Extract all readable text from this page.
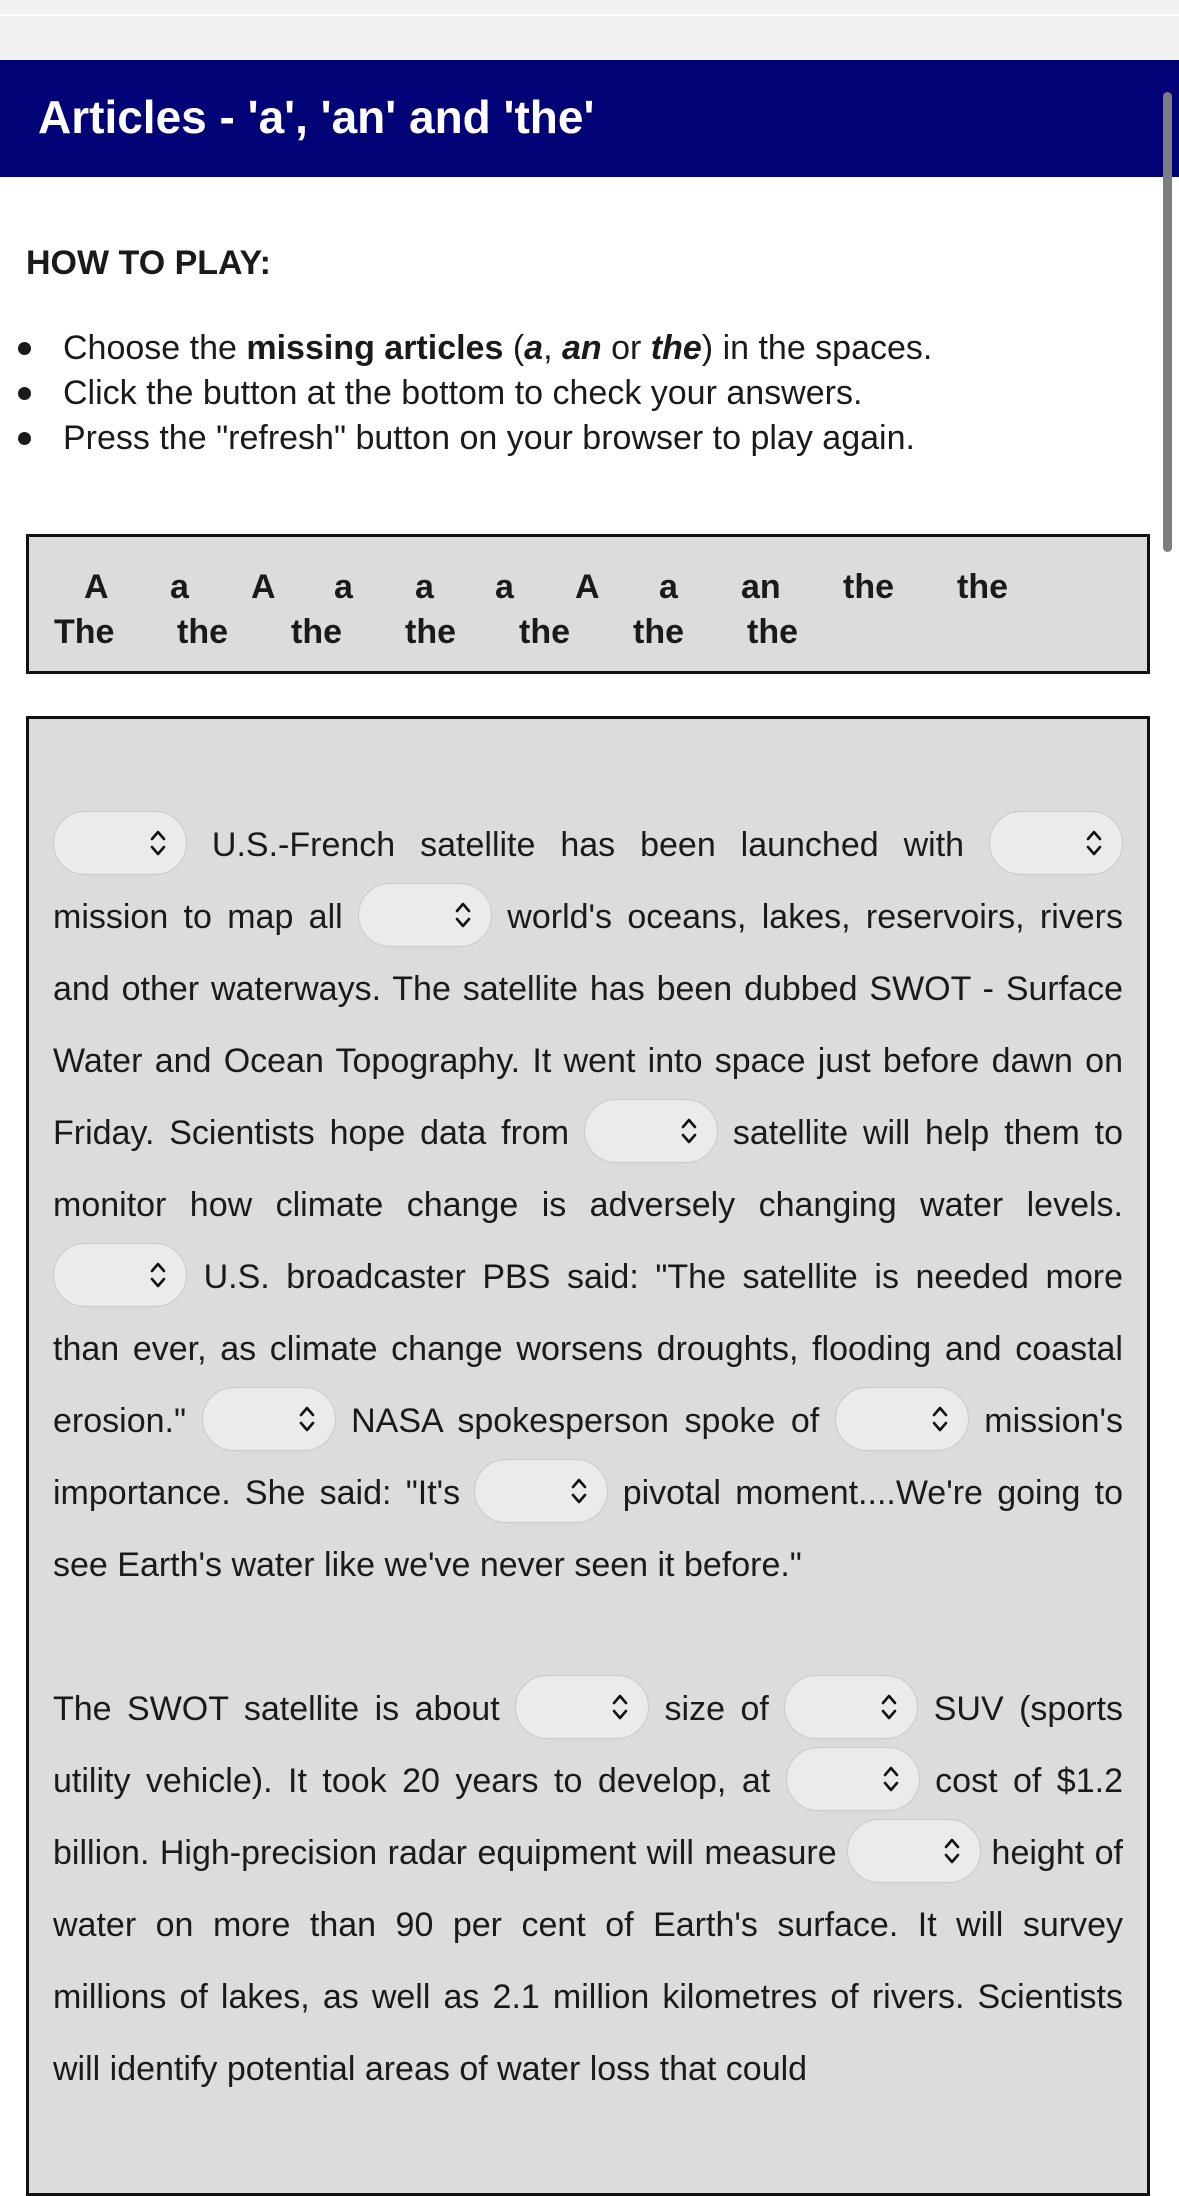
Articles - 'a', 'an' and 'the'
HOW TO PLAY:
Choose the missing articles (a, an or the) in the spaces.
Click the button at the bottom to check your answers.
Press the "refresh" button on your browser to play again.
A a A a a a A a an the the
The the the the the the the

U.S.-French satellite has been launched with
mission to map all	world's oceans, lakes, reservoirs, rivers and other waterways. The satellite has been dubbed SWOT - Surface Water and Ocean Topography. It went into space just before dawn on Friday. Scientists hope data from	satellite will help them to monitor how climate change is adversely changing water levels.
U.S. broadcaster PBS said: "The satellite is needed more than ever, as climate change worsens droughts, flooding and coastal erosion."	NASA spokesperson spoke of	mission's importance. She said: "It's	pivotal moment....We're going to see Earth's water like we've never seen it before."

The SWOT satellite is about	size of	SUV (sports utility vehicle). It took 20 years to develop, at	cost of $1.2 billion. High-precision radar equipment will measure	height of water on more than 90 per cent of Earth's surface. It will survey millions of lakes, as well as 2.1 million kilometres of rivers. Scientists will identify potential areas of water loss that could
